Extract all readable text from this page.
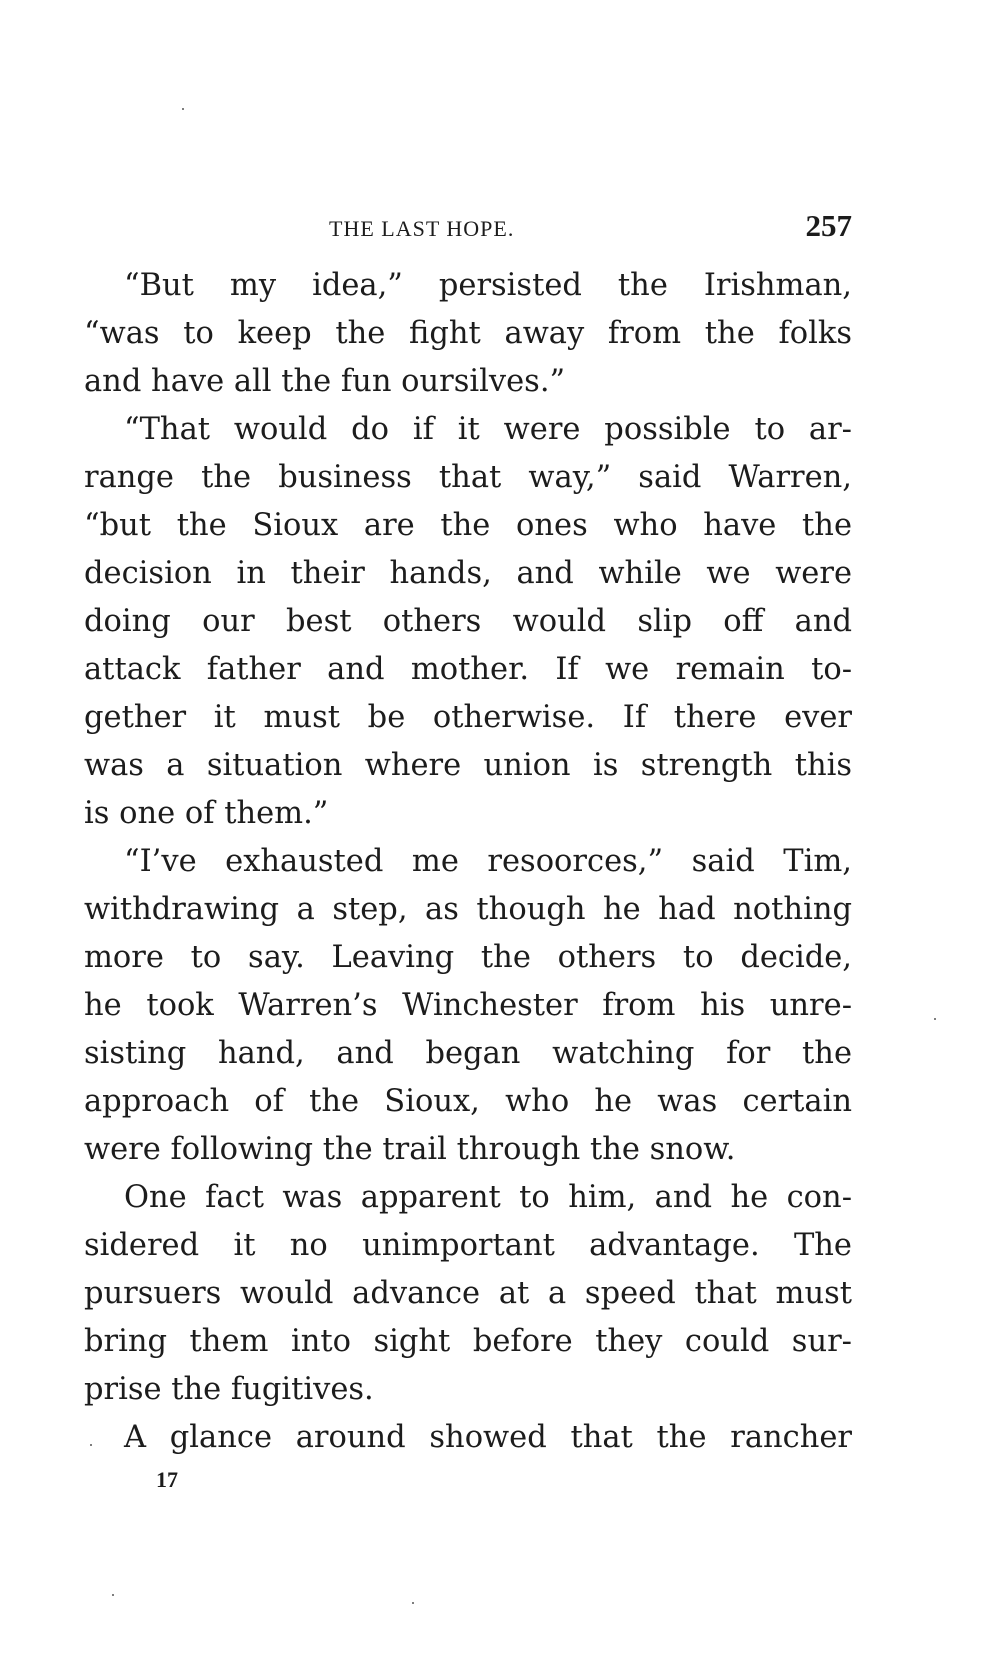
THE LAST HOPE.	257
“But my idea,” persisted the Irishman,
“was to keep the fight away from the folks
and have all the fun oursilves.”
“That would do if it were possible to ar-
range the business that way,” said Warren,
“but the Sioux are the ones who have the
decision in their hands, and while we were
doing our best others would slip off and
attack father and mother. If we remain to-
gether it must be otherwise. If there ever
was a situation where union is strength this
is one of them.”
“I’ve exhausted me resoorces,” said Tim,
withdrawing a step, as though he had nothing
more to say. Leaving the others to decide,
he took Warren’s Winchester from his unre-
sisting hand, and began watching for the
approach of the Sioux, who he was certain
were following the trail through the snow.
One fact was apparent to him, and he con-
sidered it no unimportant advantage. The
pursuers would advance at a speed that must
bring them into sight before they could sur-
prise the fugitives.
A glance around showed that the rancher
17
